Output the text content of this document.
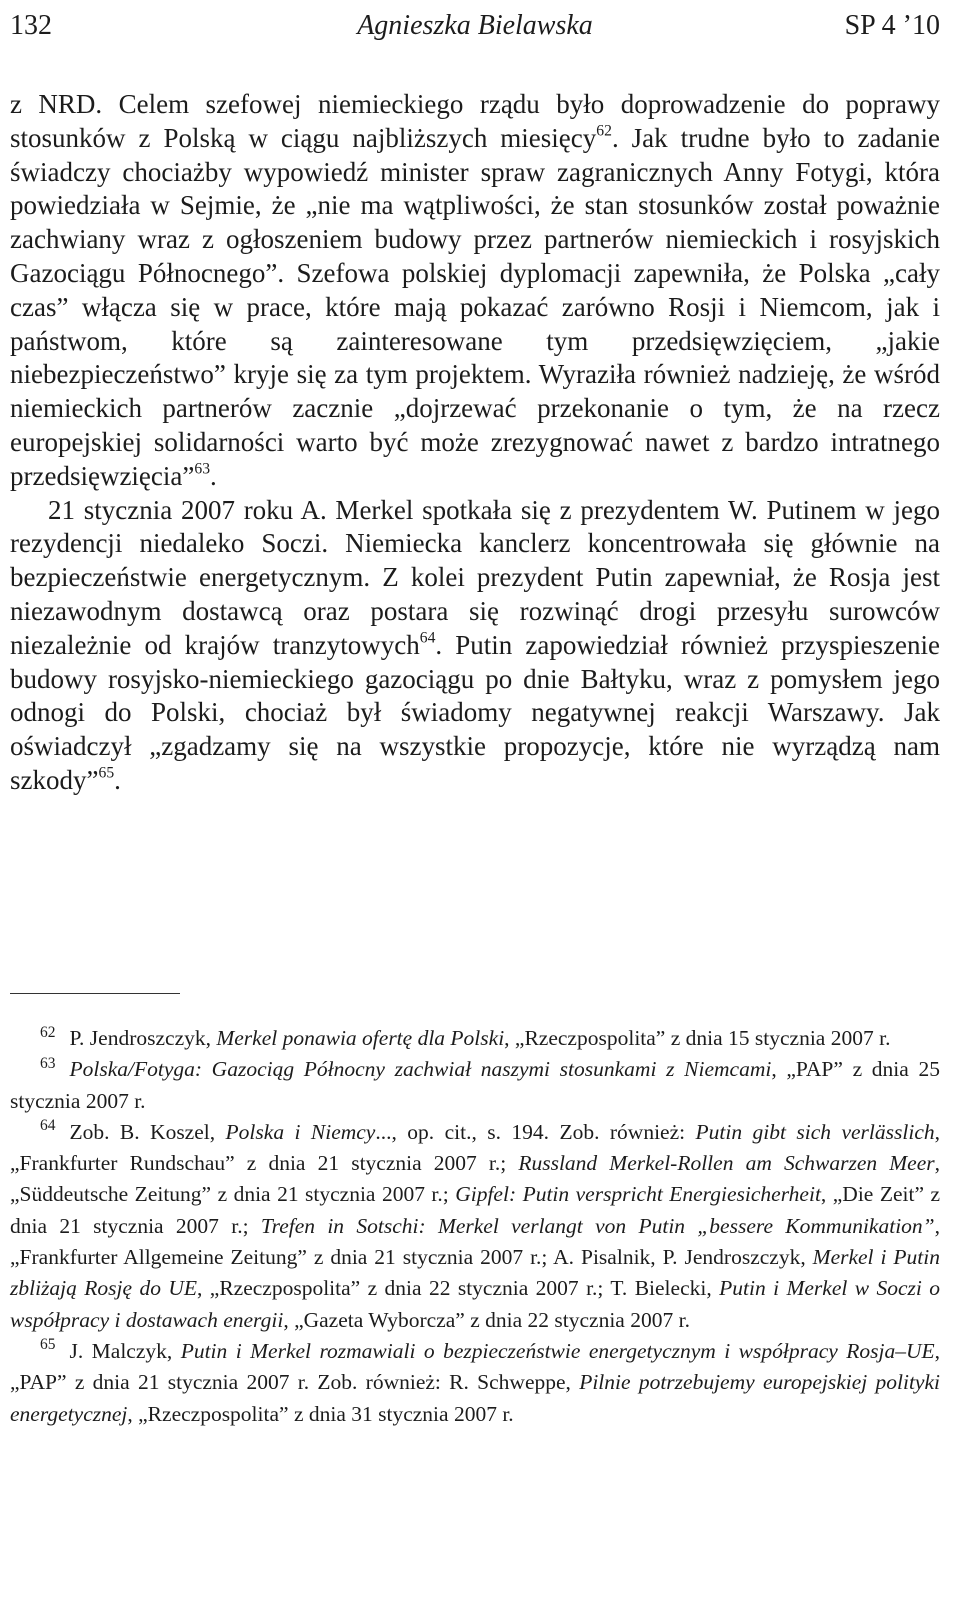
132	Agnieszka Bielawska	SP 4 ’10

z NRD. Celem szefowej niemieckiego rządu było doprowadzenie do poprawy stosunków z Polską w ciągu najbliższych miesięcy$^{62}$. Jak trudne było to zadanie świadczy chociażby wypowiedź minister spraw zagranicznych Anny Fotygi, która powiedziała w Sejmie, że „nie ma wątpliwości, że stan stosunków został poważnie zachwiany wraz z ogłoszeniem budowy przez partnerów niemieckich i rosyjskich Gazociągu Północnego”. Szefowa polskiej dyplomacji zapewniła, że Polska „cały czas” włącza się w prace, które mają pokazać zarówno Rosji i Niemcom, jak i państwom, które są zainteresowane tym przedsięwzięciem, „jakie niebezpieczeństwo” kryje się za tym projektem. Wyraziła również nadzieję, że wśród niemieckich partnerów zacznie „dojrzewać przekonanie o tym, że na rzecz europejskiej solidarności warto być może zrezygnować nawet z bardzo intratnego przedsięwzięcia”$^{63}$.

21 stycznia 2007 roku A. Merkel spotkała się z prezydentem W. Putinem w jego rezydencji niedaleko Soczi. Niemiecka kanclerz koncentrowała się głównie na bezpieczeństwie energetycznym. Z kolei prezydent Putin zapewniał, że Rosja jest niezawodnym dostawcą oraz postara się rozwinąć drogi przesyłu surowców niezależnie od krajów tranzytowych$^{64}$. Putin zapowiedział również przyspieszenie budowy rosyjsko-niemieckiego gazociągu po dnie Bałtyku, wraz z pomysłem jego odnogi do Polski, chociaż był świadomy negatywnej reakcji Warszawy. Jak oświadczył „zgadzamy się na wszystkie propozycje, które nie wyrządzą nam szkody”$^{65}$.

$^{62}$ P. Jendroszczyk, Merkel ponawia ofertę dla Polski, „Rzeczpospolita” z dnia 15 stycznia 2007 r.

$^{63}$ Polska/Fotyga: Gazociąg Północny zachwiał naszymi stosunkami z Niemcami, „PAP” z dnia 25 stycznia 2007 r.

$^{64}$ Zob. B. Koszel, Polska i Niemcy..., op. cit., s. 194. Zob. również: Putin gibt sich verlässlich, „Frankfurter Rundschau” z dnia 21 stycznia 2007 r.; Russland Merkel-Rollen am Schwarzen Meer, „Süddeutsche Zeitung” z dnia 21 stycznia 2007 r.; Gipfel: Putin verspricht Energiesicherheit, „Die Zeit” z dnia 21 stycznia 2007 r.; Trefen in Sotschi: Merkel verlangt von Putin „bessere Kommunikation”, „Frankfurter Allgemeine Zeitung” z dnia 21 stycznia 2007 r.; A. Pisalnik, P. Jendroszczyk, Merkel i Putin zbliżają Rosję do UE, „Rzeczpospolita” z dnia 22 stycznia 2007 r.; T. Bielecki, Putin i Merkel w Soczi o współpracy i dostawach energii, „Gazeta Wyborcza” z dnia 22 stycznia 2007 r.

$^{65}$ J. Malczyk, Putin i Merkel rozmawiali o bezpieczeństwie energetycznym i współpracy Rosja–UE, „PAP” z dnia 21 stycznia 2007 r. Zob. również: R. Schweppe, Pilnie potrzebujemy europejskiej polityki energetycznej, „Rzeczpospolita” z dnia 31 stycznia 2007 r.
